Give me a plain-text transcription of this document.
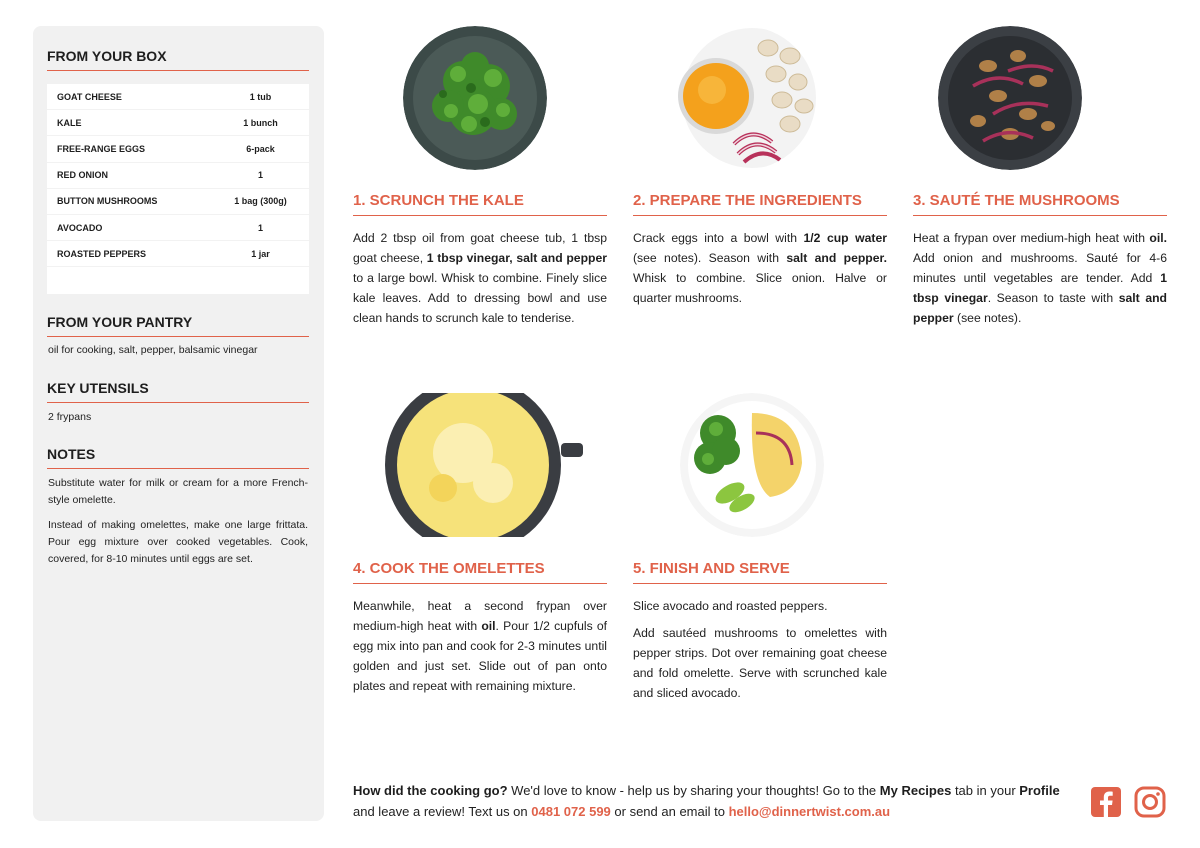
FROM YOUR BOX
GOAT CHEESE	1 tub
KALE	1 bunch
FREE-RANGE EGGS	6-pack
RED ONION	1
BUTTON MUSHROOMS	1 bag (300g)
AVOCADO	1
ROASTED PEPPERS	1 jar
FROM YOUR PANTRY
oil for cooking, salt, pepper, balsamic vinegar
KEY UTENSILS
2 frypans
NOTES
Substitute water for milk or cream for a more French-style omelette.
Instead of making omelettes, make one large frittata. Pour egg mixture over cooked vegetables. Cook, covered, for 8-10 minutes until eggs are set.
1. SCRUNCH THE KALE	2. PREPARE THE INGREDIENTS	3. SAUTÉ THE MUSHROOMS
4. COOK THE OMELETTES	5. FINISH AND SERVE
Add 2 tbsp oil from goat cheese tub, 1 tbsp goat cheese, 1 tbsp vinegar, salt and pepper to a large bowl. Whisk to combine. Finely slice kale leaves. Add to dressing bowl and use clean hands to scrunch kale to tenderise.
Crack eggs into a bowl with 1/2 cup water (see notes). Season with salt and pepper. Whisk to combine. Slice onion. Halve or quarter mushrooms.
Heat a frypan over medium-high heat with oil. Add onion and mushrooms. Sauté for 4-6 minutes until vegetables are tender. Add 1 tbsp vinegar. Season to taste with salt and pepper (see notes).
Meanwhile, heat a second frypan over medium-high heat with oil. Pour 1/2 cupfuls of egg mix into pan and cook for 2-3 minutes until golden and just set. Slide out of pan onto plates and repeat with remaining mixture.

Slice avocado and roasted peppers.

Add sautéed mushrooms to omelettes with pepper strips. Dot over remaining goat cheese and fold omelette. Serve with scrunched kale and sliced avocado.

How did the cooking go? We'd love to know - help us by sharing your thoughts! Go to the My Recipes tab in your Profile and leave a review! Text us on 0481 072 599 or send an email to hello@dinnertwist.com.au
